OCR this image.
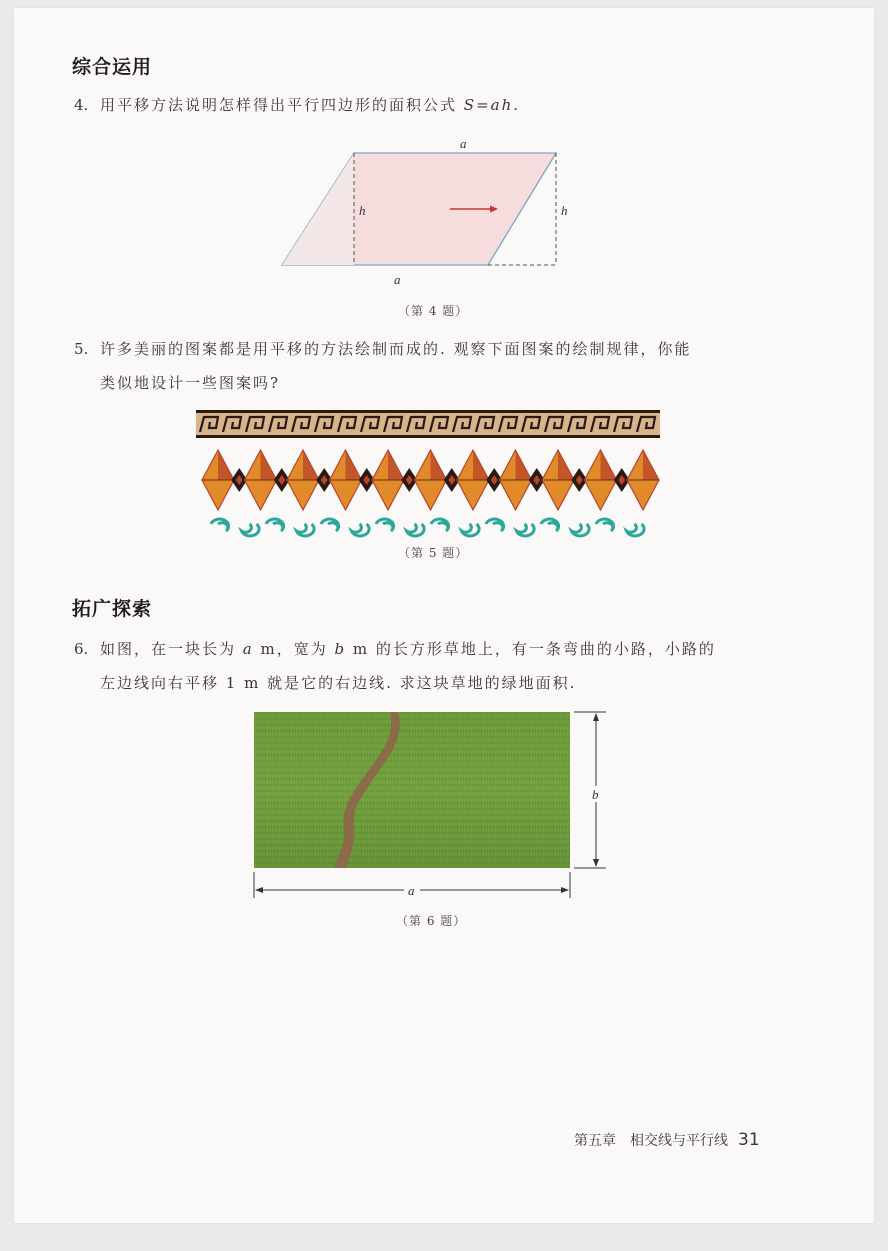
综合运用
4. 用平移方法说明怎样得出平行四边形的面积公式 S=ah.
a
a
h	h
（第 4 题）
5. 许多美丽的图案都是用平移的方法绘制而成的. 观察下面图案的绘制规律，你能
类似地设计一些图案吗?
（第 5 题）
拓广探索
6. 如图，在一块长为 a m，宽为 b m 的长方形草地上，有一条弯曲的小路，小路的
左边线向右平移 1 m 就是它的右边线. 求这块草地的绿地面积.
b
a
（第 6 题）
第五章　相交线与平行线 31
